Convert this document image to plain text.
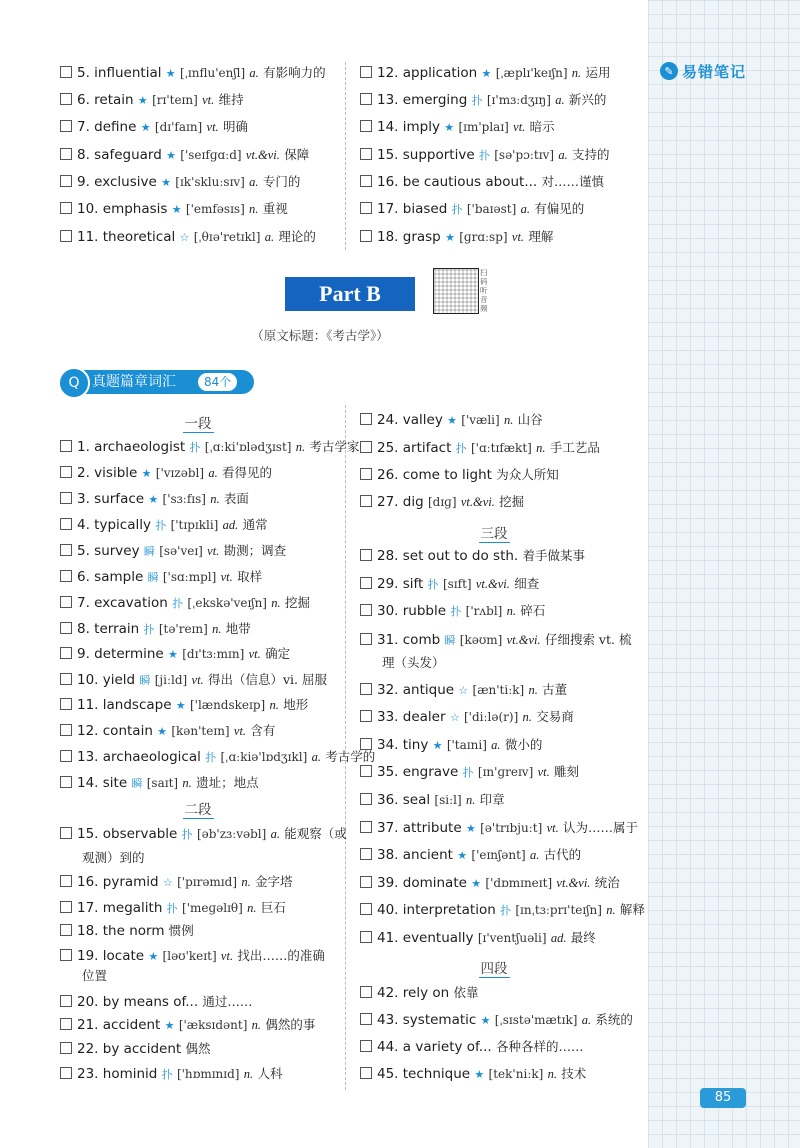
✎ 易错笔记
85
5. influential ★ [ˌɪnflu'enʃl] a. 有影响力的
6. retain ★ [rɪ'teɪn] vt. 维持
7. define ★ [dɪ'faɪn] vt. 明确
8. safeguard ★ ['seɪfɡɑːd] vt.&vi. 保障
9. exclusive ★ [ɪk'skluːsɪv] a. 专门的
10. emphasis ★ ['emfəsɪs] n. 重视
11. theoretical ☆ [ˌθɪə'retɪkl] a. 理论的
12. application ★ [ˌæplɪ'keɪʃn] n. 运用
13. emerging 扑 [ɪ'mɜːdʒɪŋ] a. 新兴的
14. imply ★ [ɪm'plaɪ] vt. 暗示
15. supportive 扑 [sə'pɔːtɪv] a. 支持的
16. be cautious about... 对……谨慎
17. biased 扑 ['baɪəst] a. 有偏见的
18. grasp ★ [ɡrɑːsp] vt. 理解
Part B
扫码听音频
（原文标题：《考古学》）
Q 真题篇章词汇	84个
一段
二段
三段
四段
1. archaeologist 扑 [ˌɑːki'ɒlədʒɪst] n. 考古学家
2. visible ★ ['vɪzəbl] a. 看得见的
3. surface ★ ['sɜːfɪs] n. 表面
4. typically 扑 ['tɪpɪkli] ad. 通常
5. survey 瞬 [sə'veɪ] vt. 勘测；调查
6. sample 瞬 ['sɑːmpl] vt. 取样
7. excavation 扑 [ˌekskə'veɪʃn] n. 挖掘
8. terrain 扑 [tə'reɪn] n. 地带
9. determine ★ [dɪ'tɜːmɪn] vt. 确定
10. yield 瞬 [jiːld] vt. 得出（信息）vi. 屈服
11. landscape ★ ['lændskeɪp] n. 地形
12. contain ★ [kən'teɪn] vt. 含有
13. archaeological 扑 [ˌɑːkiə'lɒdʒɪkl] a. 考古学的
14. site 瞬 [saɪt] n. 遗址；地点
15. observable 扑 [əb'zɜːvəbl] a. 能观察（或
16. pyramid ☆ ['pɪrəmɪd] n. 金字塔
17. megalith 扑 ['meɡəlɪθ] n. 巨石
18. the norm 惯例
19. locate ★ [ləʊ'keɪt] vt. 找出……的准确
20. by means of... 通过……
21. accident ★ ['æksɪdənt] n. 偶然的事
22. by accident 偶然
23. hominid 扑 ['hɒmɪnɪd] n. 人科
24. valley ★ ['væli] n. 山谷
25. artifact 扑 ['ɑːtɪfækt] n. 手工艺品
26. come to light 为众人所知
27. dig [dɪɡ] vt.&vi. 挖掘
28. set out to do sth. 着手做某事
29. sift 扑 [sɪft] vt.&vi. 细查
30. rubble 扑 ['rʌbl] n. 碎石
31. comb 瞬 [kəʊm] vt.&vi. 仔细搜索 vt. 梳
32. antique ☆ [æn'tiːk] n. 古董
33. dealer ☆ ['diːlə(r)] n. 交易商
34. tiny ★ ['taɪni] a. 微小的
35. engrave 扑 [ɪn'ɡreɪv] vt. 雕刻
36. seal [siːl] n. 印章
37. attribute ★ [ə'trɪbjuːt] vt. 认为……属于
38. ancient ★ ['eɪnʃənt] a. 古代的
39. dominate ★ ['dɒmɪneɪt] vt.&vi. 统治
40. interpretation 扑 [ɪnˌtɜːprɪ'teɪʃn] n. 解释
41. eventually [ɪ'ventʃuəli] ad. 最终
42. rely on 依靠
43. systematic ★ [ˌsɪstə'mætɪk] a. 系统的
44. a variety of... 各种各样的……
45. technique ★ [tek'niːk] n. 技术
观测）到的
位置
理（头发）
